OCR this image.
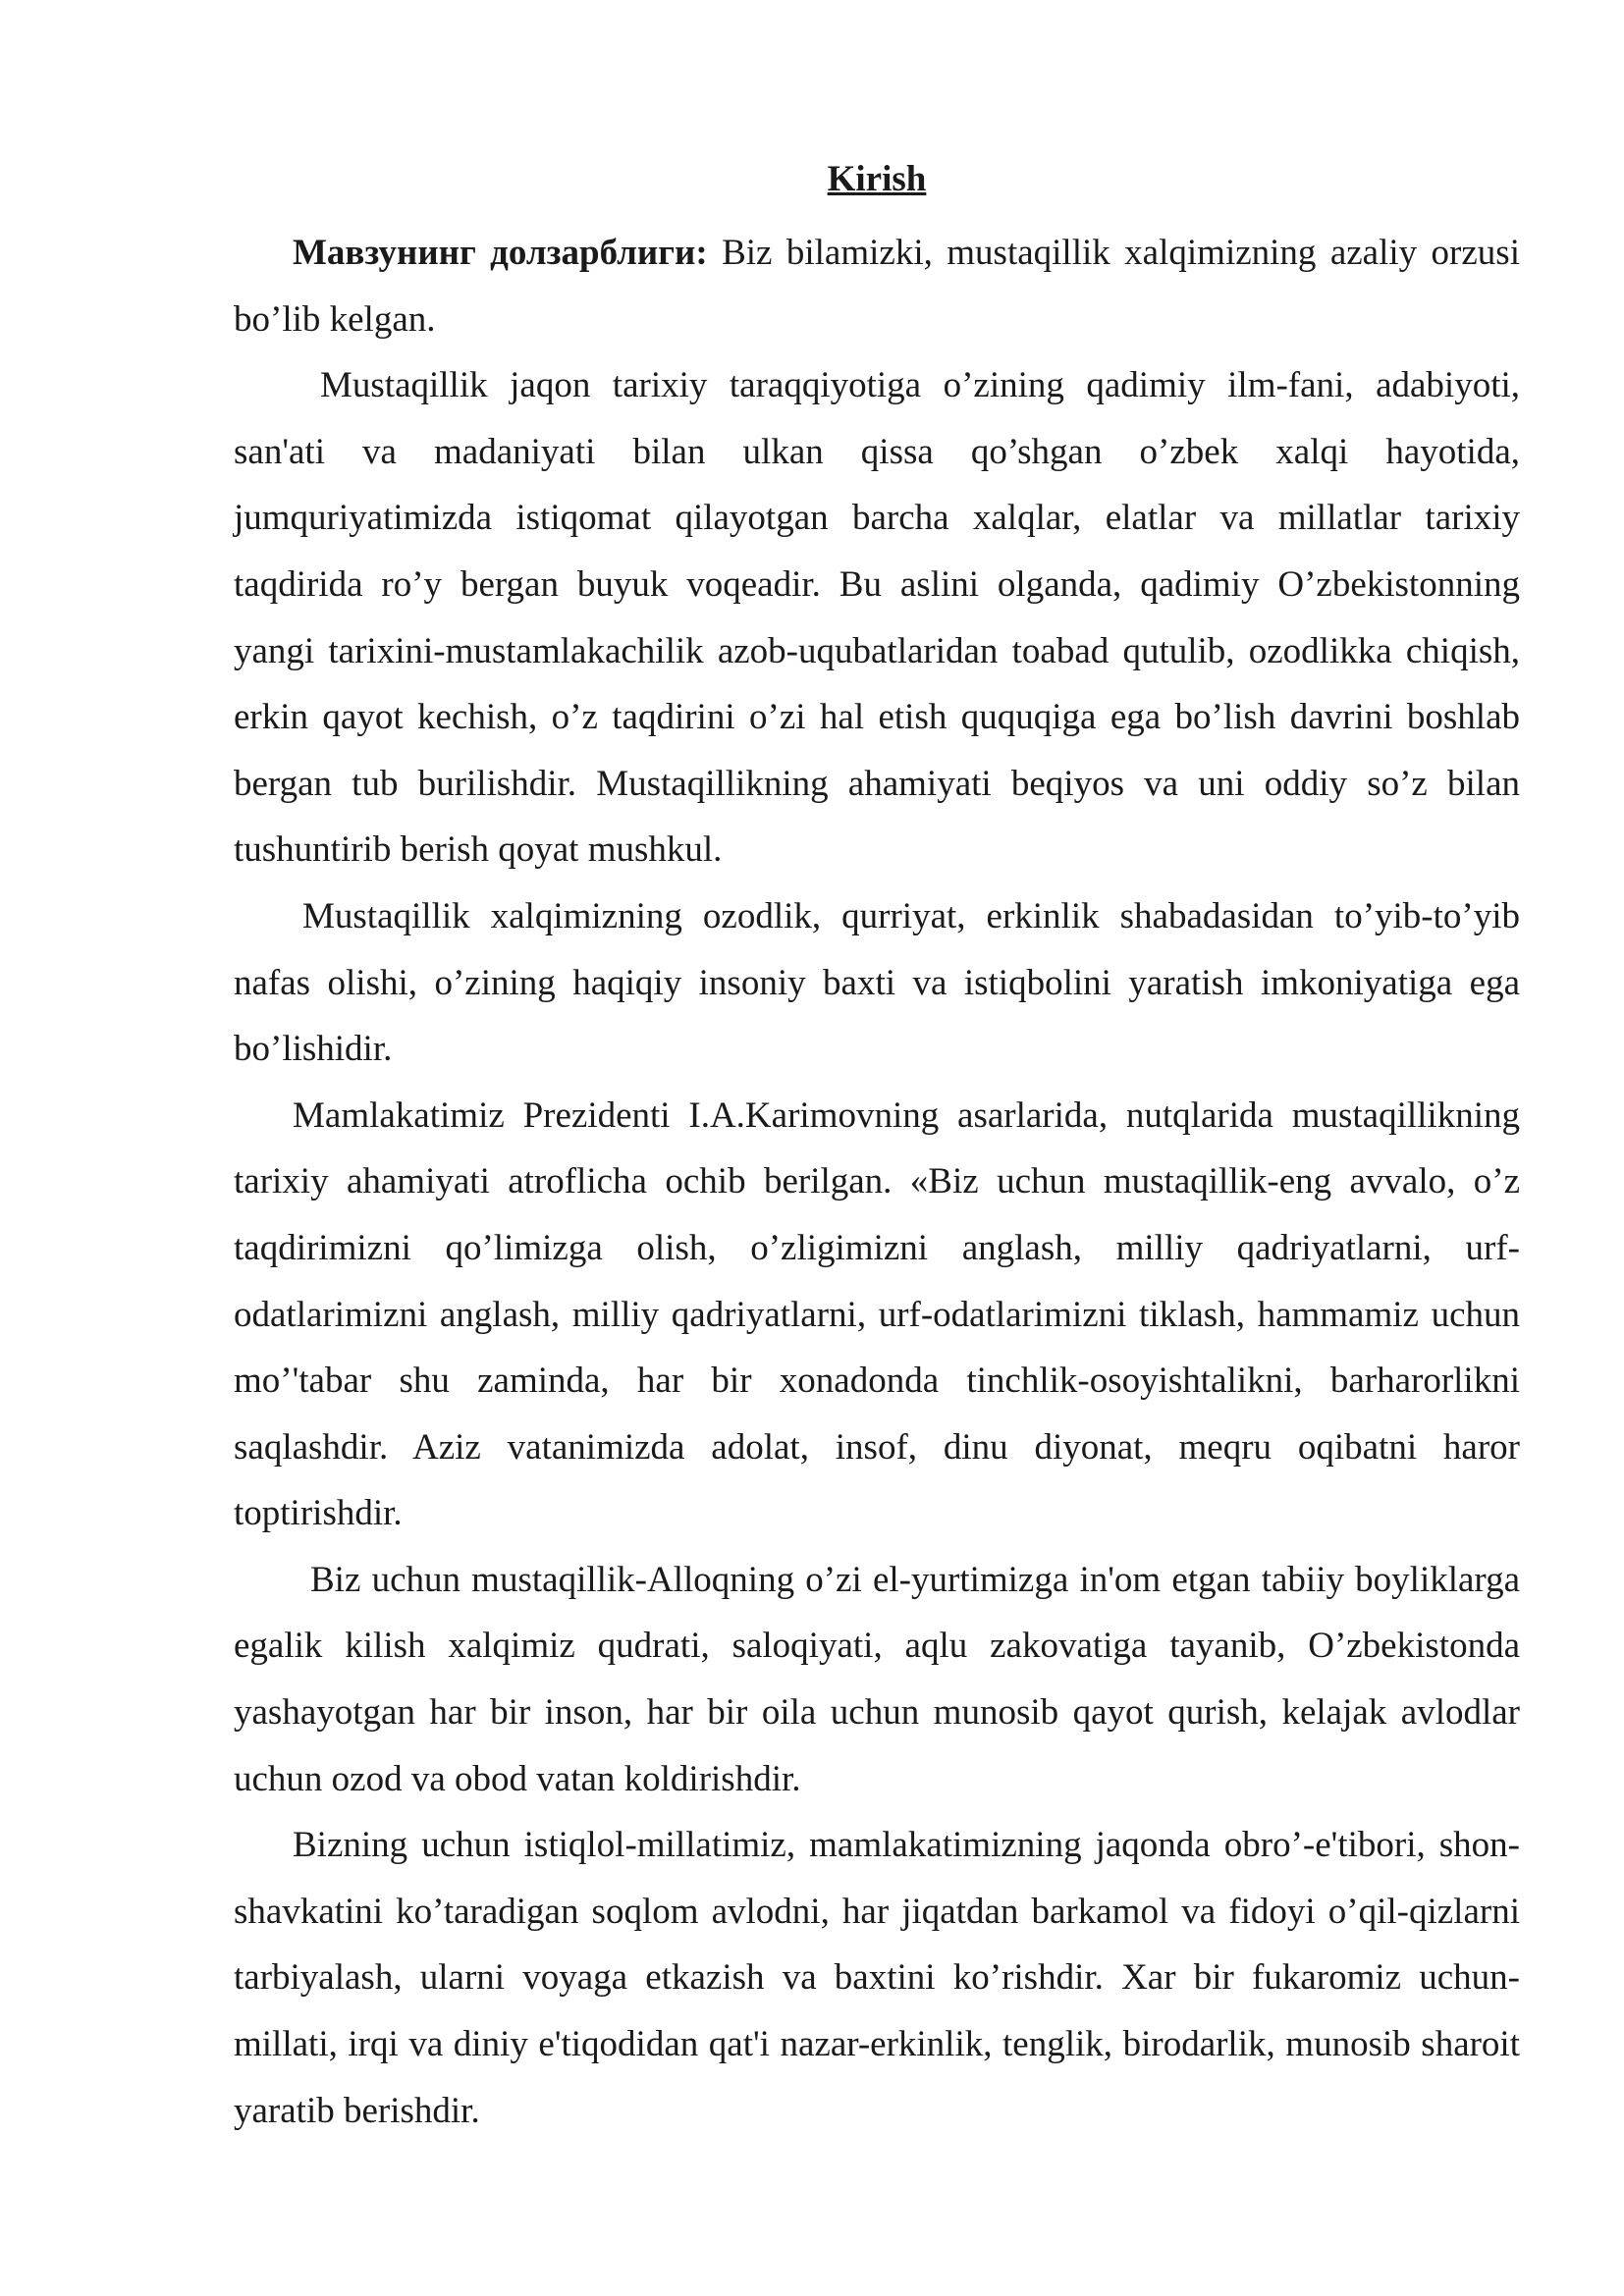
Kirish

Мавзунинг долзарблиги: Biz bilamizki, mustaqillik xalqimizning azaliy orzusi bo’lib kelgan.

Mustaqillik jaqon tarixiy taraqqiyotiga o’zining qadimiy ilm-fani, adabiyoti, san'ati va madaniyati bilan ulkan qissa qo’shgan o’zbek xalqi hayotida, jumquriyatimizda istiqomat qilayotgan barcha xalqlar, elatlar va millatlar tarixiy taqdirida ro’y bergan buyuk voqeadir. Bu aslini olganda, qadimiy O’zbekistonning yangi tarixini-mustamlakachilik azob-uqubatlaridan toabad qutulib, ozodlikka chiqish, erkin qayot kechish, o’z taqdirini o’zi hal etish ququqiga ega bo’lish davrini boshlab bergan tub burilishdir. Mustaqillikning ahamiyati beqiyos va uni oddiy so’z bilan tushuntirib berish qoyat mushkul.

Mustaqillik xalqimizning ozodlik, qurriyat, erkinlik shabadasidan to’yib-to’yib nafas olishi, o’zining haqiqiy insoniy baxti va istiqbolini yaratish imkoniyatiga ega bo’lishidir.

Mamlakatimiz Prezidenti I.A.Karimovning asarlarida, nutqlarida mustaqillikning tarixiy ahamiyati atroflicha ochib berilgan. «Biz uchun mustaqillik-eng avvalo, o’z taqdirimizni qo’limizga olish, o’zligimizni anglash, milliy qadriyatlarni, urf-odatlarimizni anglash, milliy qadriyatlarni, urf-odatlarimizni tiklash, hammamiz uchun mo’'tabar shu zaminda, har bir xonadonda tinchlik-osoyishtalikni, barharorlikni saqlashdir. Aziz vatanimizda adolat, insof, dinu diyonat, meqru oqibatni haror toptirishdir.

Biz uchun mustaqillik-Alloqning o’zi el-yurtimizga in'om etgan tabiiy boyliklarga egalik kilish xalqimiz qudrati, saloqiyati, aqlu zakovatiga tayanib, O’zbekistonda yashayotgan har bir inson, har bir oila uchun munosib qayot qurish, kelajak avlodlar uchun ozod va obod vatan koldirishdir.

Bizning uchun istiqlol-millatimiz, mamlakatimizning jaqonda obro’-e'tibori, shon-shavkatini ko’taradigan soqlom avlodni, har jiqatdan barkamol va fidoyi o’qil-qizlarni tarbiyalash, ularni voyaga etkazish va baxtini ko’rishdir. Xar bir fukaromiz uchun-millati, irqi va diniy e'tiqodidan qat'i nazar-erkinlik, tenglik, birodarlik, munosib sharoit yaratib berishdir.
